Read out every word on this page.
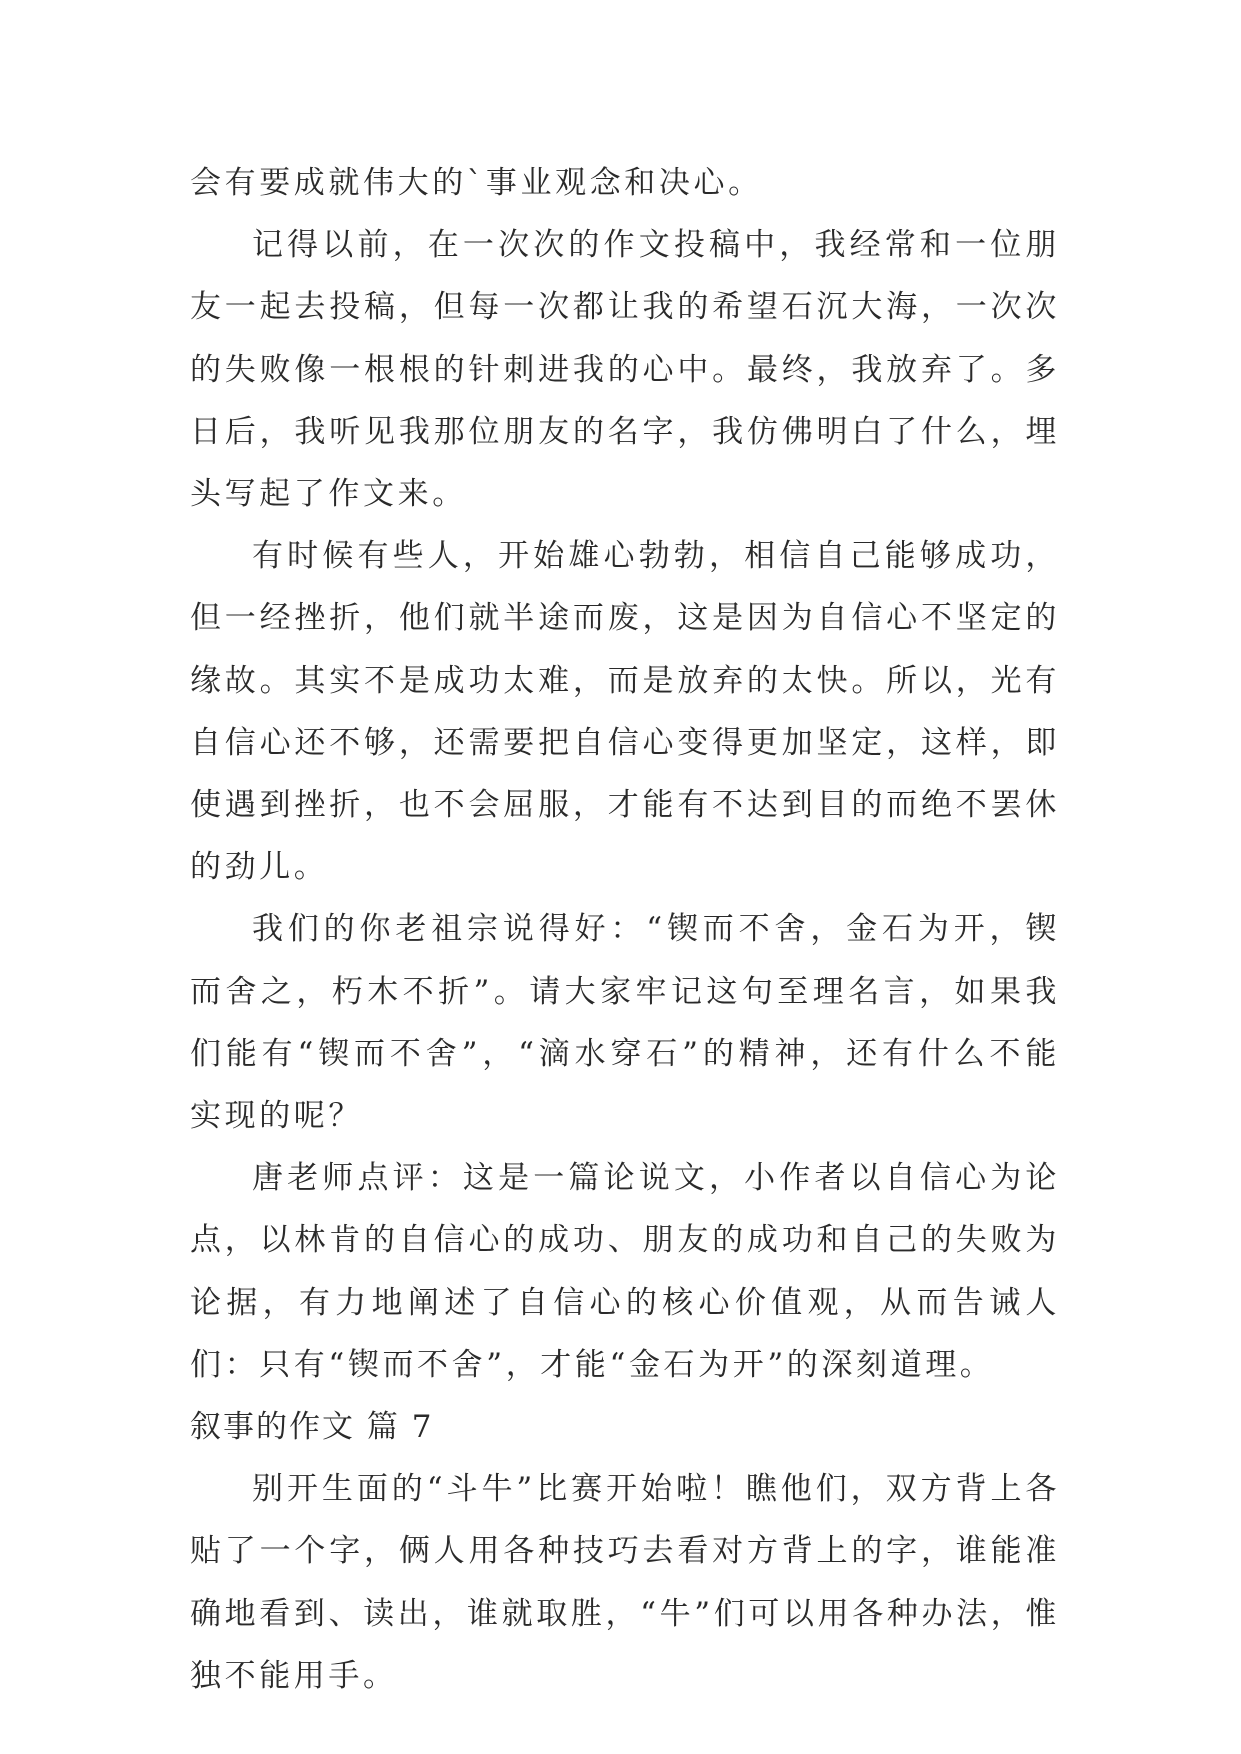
会有要成就伟大的`事业观念和决心。

记得以前，在一次次的作文投稿中，我经常和一位朋友一起去投稿，但每一次都让我的希望石沉大海，一次次的失败像一根根的针刺进我的心中。最终，我放弃了。多日后，我听见我那位朋友的名字，我仿佛明白了什么，埋头写起了作文来。

有时候有些人，开始雄心勃勃，相信自己能够成功，但一经挫折，他们就半途而废，这是因为自信心不坚定的缘故。其实不是成功太难，而是放弃的太快。所以，光有自信心还不够，还需要把自信心变得更加坚定，这样，即使遇到挫折，也不会屈服，才能有不达到目的而绝不罢休的劲儿。

我们的你老祖宗说得好：“锲而不舍，金石为开，锲而舍之，朽木不折”。请大家牢记这句至理名言，如果我们能有“锲而不舍”，“滴水穿石”的精神，还有什么不能实现的呢？

唐老师点评：这是一篇论说文，小作者以自信心为论点，以林肯的自信心的成功、朋友的成功和自己的失败为论据，有力地阐述了自信心的核心价值观，从而告诫人们：只有“锲而不舍”，才能“金石为开”的深刻道理。

叙事的作文 篇 7

别开生面的“斗牛”比赛开始啦！瞧他们，双方背上各贴了一个字，俩人用各种技巧去看对方背上的字，谁能准确地看到、读出，谁就取胜，“牛”们可以用各种办法，惟独不能用手。
